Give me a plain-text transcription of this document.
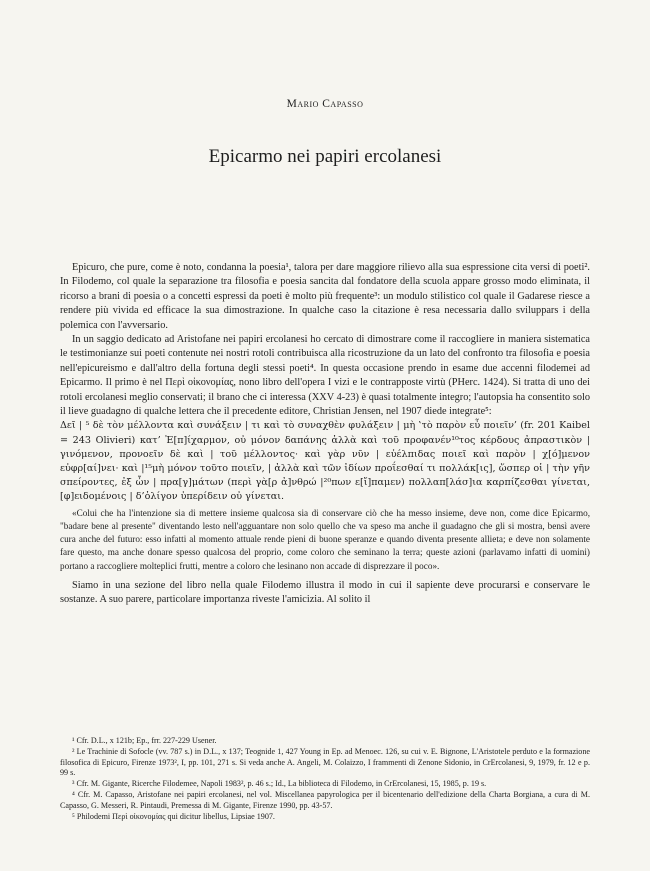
Mario Capasso
Epicarmo nei papiri ercolanesi

Epicuro, che pure, come è noto, condanna la poesia¹, talora per dare maggiore rilievo alla sua espressione cita versi di poeti². In Filodemo, col quale la separazione tra filosofia e poesia sancita dal fondatore della scuola appare grosso modo eliminata, il ricorso a brani di poesia o a concetti espressi da poeti è molto più frequente³: un modulo stilistico col quale il Gadarese riesce a rendere più vivida ed efficace la sua dimostrazione. In qualche caso la citazione è resa necessaria dallo sviluppars i della polemica con l'avversario.

In un saggio dedicato ad Aristofane nei papiri ercolanesi ho cercato di dimostrare come il raccogliere in maniera sistematica le testimonianze sui poeti contenute nei nostri rotoli contribuisca alla ricostruzione da un lato del confronto tra filosofia e poesia nell'epicureismo e dall'altro della fortuna degli stessi poeti⁴. In questa occasione prendo in esame due accenni filodemei ad Epicarmo. Il primo è nel Περὶ οἰκονομίας, nono libro dell'opera I vizi e le contrapposte virtù (PHerc. 1424). Si tratta di uno dei rotoli ercolanesi meglio conservati; il brano che ci interessa (XXV 4-23) è quasi totalmente integro; l'autopsia ha consentito solo il lieve guadagno di qualche lettera che il precedente editore, Christian Jensen, nel 1907 diede integrate⁵:

Δεῖ | ⁵ δὲ τὸν μέλλοντα καὶ συνάξειν | τι καὶ τὸ συναχθὲν φυλάξειν | μὴ ‛τὸ παρὸν εὖ ποιεῖν’ (fr. 201 Kaibel = 243 Olivieri) κατ’ Ἐ[π]ίχαρμον, οὐ μόνον δαπάνης ἀλλὰ καὶ τοῦ προφανέν¹⁰τος κέρδους ἀπραστικὸν | γινόμενον, προνοεῖν δὲ καὶ | τοῦ μέλλοντος· καὶ γὰρ νῦν | εὐέλπιδας ποιεῖ καὶ παρὸν | χ[ό]μενον εὐφρ[αί]νει· καὶ |¹⁵μὴ μόνον τοῦτο ποιεῖν, | ἀλλὰ καὶ τῶν ἰδίων προΐεσθαί τι πολλάκ[ις], ὥσπερ οἱ | τὴν γῆν σπείροντες, ἐξ ὧν | πρα[γ]μάτων (περὶ γὰ[ρ ἀ]νθρώ |²⁰πων ε[ἴ]παμεν) πολλαπ[λάσ]ια καρπίζεσθαι γίνεται, [φ]ειδομένοις | δ’ὀλίγον ὑπερίδειν οὐ γίνεται.

«Colui che ha l'intenzione sia di mettere insieme qualcosa sia di conservare ciò che ha messo insieme, deve non, come dice Epicarmo, "badare bene al presente" diventando lesto nell'agguantare non solo quello che va speso ma anche il guadagno che gli si mostra, bensì avere cura anche del futuro: esso infatti al momento attuale rende pieni di buone speranze e quando diventa presente allieta; e deve non solamente fare questo, ma anche donare spesso qualcosa del proprio, come coloro che seminano la terra; queste azioni (parlavamo infatti di uomini) portano a raccogliere molteplici frutti, mentre a coloro che lesinano non accade di disprezzare il poco».

Siamo in una sezione del libro nella quale Filodemo illustra il modo in cui il sapiente deve procurarsi e conservare le sostanze. A suo parere, particolare importanza riveste l'amicizia. Al solito il

¹ Cfr. D.L., x 121b; Ep., frr. 227-229 Usener.

² Le Trachinie di Sofocle (vv. 787 s.) in D.L., x 137; Teognide 1, 427 Young in Ep. ad Menoec. 126, su cui v. E. Bignone, L'Aristotele perduto e la formazione filosofica di Epicuro, Firenze 1973², I, pp. 101, 271 s. Si veda anche A. Angeli, M. Colaizzo, I frammenti di Zenone Sidonio, in CrErcolanesi, 9, 1979, fr. 12 e p. 99 s.

³ Cfr. M. Gigante, Ricerche Filodemee, Napoli 1983², p. 46 s.; Id., La biblioteca di Filodemo, in CrErcolanesi, 15, 1985, p. 19 s.

⁴ Cfr. M. Capasso, Aristofane nei papiri ercolanesi, nel vol. Miscellanea papyrologica per il bicentenario dell'edizione della Charta Borgiana, a cura di M. Capasso, G. Messeri, R. Pintaudi, Premessa di M. Gigante, Firenze 1990, pp. 43-57.

⁵ Philodemi Περὶ οἰκονομίας qui dicitur libellus, Lipsiae 1907.
